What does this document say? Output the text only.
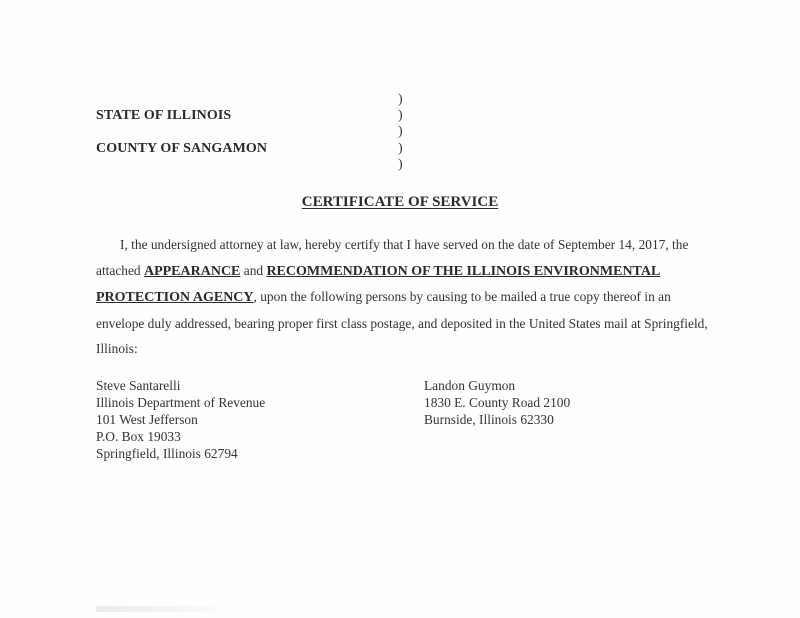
STATE OF ILLINOIS
COUNTY OF SANGAMON
)
)
)
)
)
CERTIFICATE OF SERVICE
I, the undersigned attorney at law, hereby certify that I have served on the date of September 14, 2017, the attached APPEARANCE and RECOMMENDATION OF THE ILLINOIS ENVIRONMENTAL PROTECTION AGENCY, upon the following persons by causing to be mailed a true copy thereof in an envelope duly addressed, bearing proper first class postage, and deposited in the United States mail at Springfield, Illinois:
Steve Santarelli
Illinois Department of Revenue
101 West Jefferson
P.O. Box 19033
Springfield, Illinois 62794
Landon Guymon
1830 E. County Road 2100
Burnside, Illinois 62330
